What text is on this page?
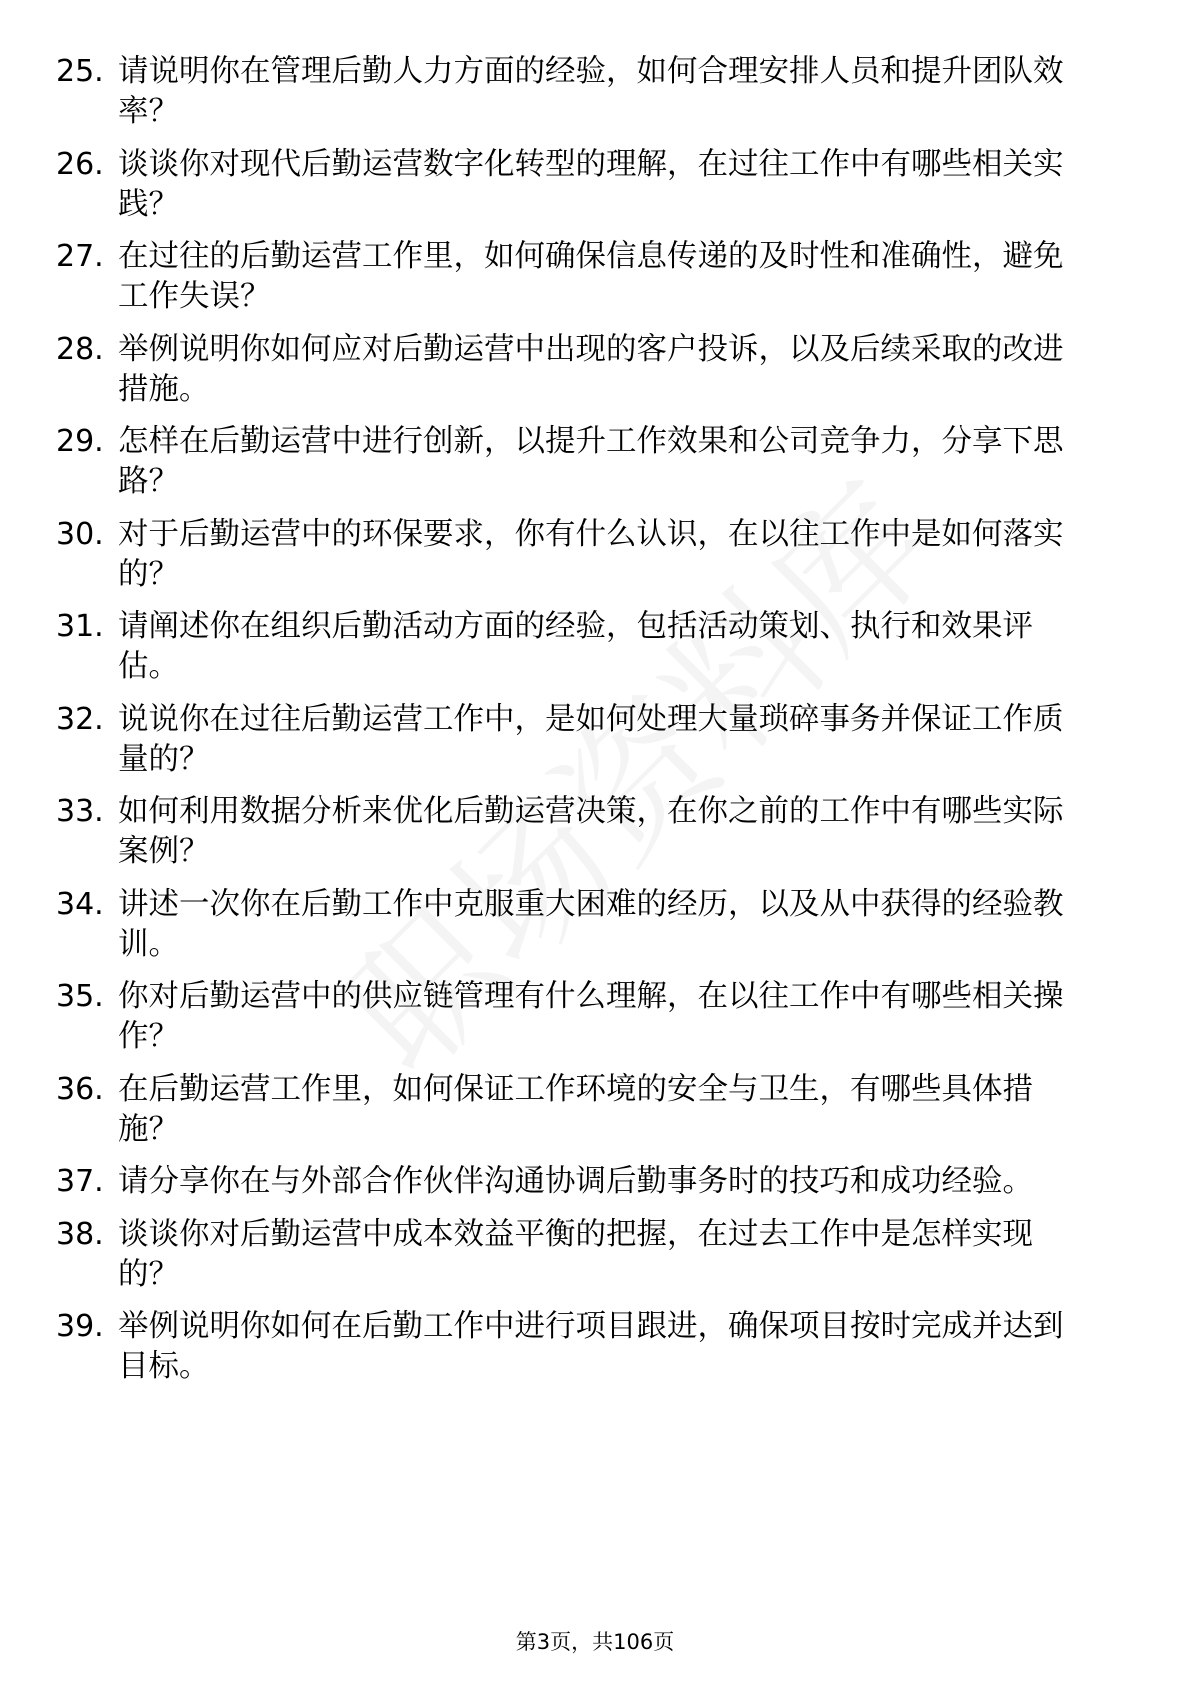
25. 请说明你在管理后勤人力方面的经验，如何合理安排人员和提升团队效率？
26. 谈谈你对现代后勤运营数字化转型的理解，在过往工作中有哪些相关实践？
27. 在过往的后勤运营工作里，如何确保信息传递的及时性和准确性，避免工作失误？
28. 举例说明你如何应对后勤运营中出现的客户投诉，以及后续采取的改进措施。
29. 怎样在后勤运营中进行创新，以提升工作效果和公司竞争力，分享下思路？
30. 对于后勤运营中的环保要求，你有什么认识，在以往工作中是如何落实的？
31. 请阐述你在组织后勤活动方面的经验，包括活动策划、执行和效果评估。
32. 说说你在过往后勤运营工作中，是如何处理大量琐碎事务并保证工作质量的？
33. 如何利用数据分析来优化后勤运营决策，在你之前的工作中有哪些实际案例？
34. 讲述一次你在后勤工作中克服重大困难的经历，以及从中获得的经验教训。
35. 你对后勤运营中的供应链管理有什么理解，在以往工作中有哪些相关操作？
36. 在后勤运营工作里，如何保证工作环境的安全与卫生，有哪些具体措施？
37. 请分享你在与外部合作伙伴沟通协调后勤事务时的技巧和成功经验。
38. 谈谈你对后勤运营中成本效益平衡的把握，在过去工作中是怎样实现的？
39. 举例说明你如何在后勤工作中进行项目跟进，确保项目按时完成并达到目标。
第3页，共106页
